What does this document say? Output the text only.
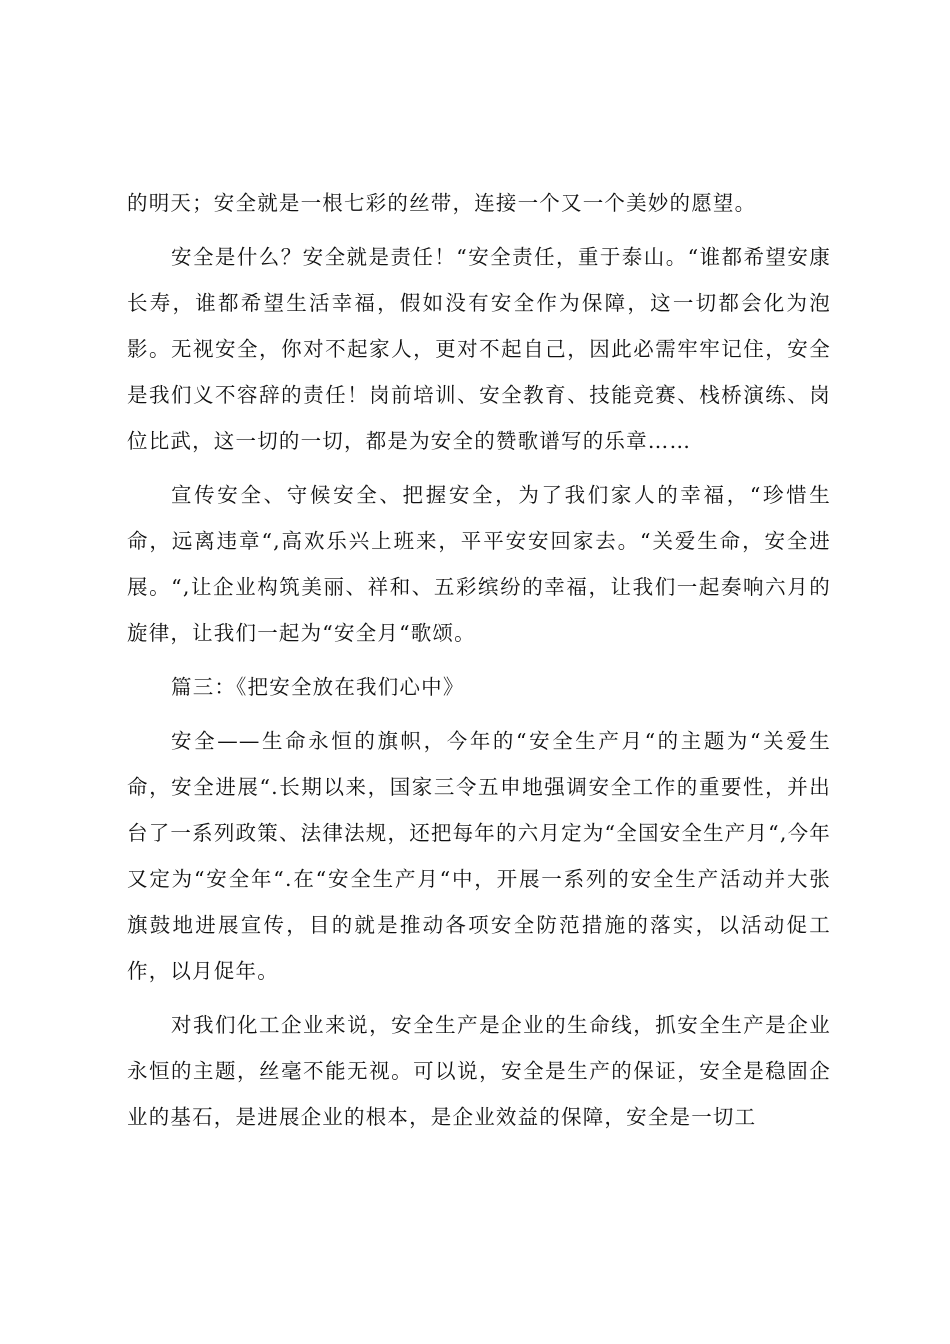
的明天；安全就是一根七彩的丝带，连接一个又一个美妙的愿望。

安全是什么？安全就是责任！“安全责任，重于泰山。“谁都希望安康长寿，谁都希望生活幸福，假如没有安全作为保障，这一切都会化为泡影。无视安全，你对不起家人，更对不起自己，因此必需牢牢记住，安全是我们义不容辞的责任！岗前培训、安全教育、技能竞赛、栈桥演练、岗位比武，这一切的一切，都是为安全的赞歌谱写的乐章……

宣传安全、守候安全、把握安全，为了我们家人的幸福，“珍惜生命，远离违章“,高欢乐兴上班来，平平安安回家去。“关爱生命，安全进展。“,让企业构筑美丽、祥和、五彩缤纷的幸福，让我们一起奏响六月的旋律，让我们一起为“安全月“歌颂。

篇三：《把安全放在我们心中》

安全——生命永恒的旗帜，今年的“安全生产月“的主题为“关爱生命，安全进展“.长期以来，国家三令五申地强调安全工作的重要性，并出台了一系列政策、法律法规，还把每年的六月定为“全国安全生产月“,今年又定为“安全年“.在“安全生产月“中，开展一系列的安全生产活动并大张旗鼓地进展宣传，目的就是推动各项安全防范措施的落实，以活动促工作，以月促年。

对我们化工企业来说，安全生产是企业的生命线，抓安全生产是企业永恒的主题，丝毫不能无视。可以说，安全是生产的保证，安全是稳固企业的基石，是进展企业的根本，是企业效益的保障，安全是一切工
